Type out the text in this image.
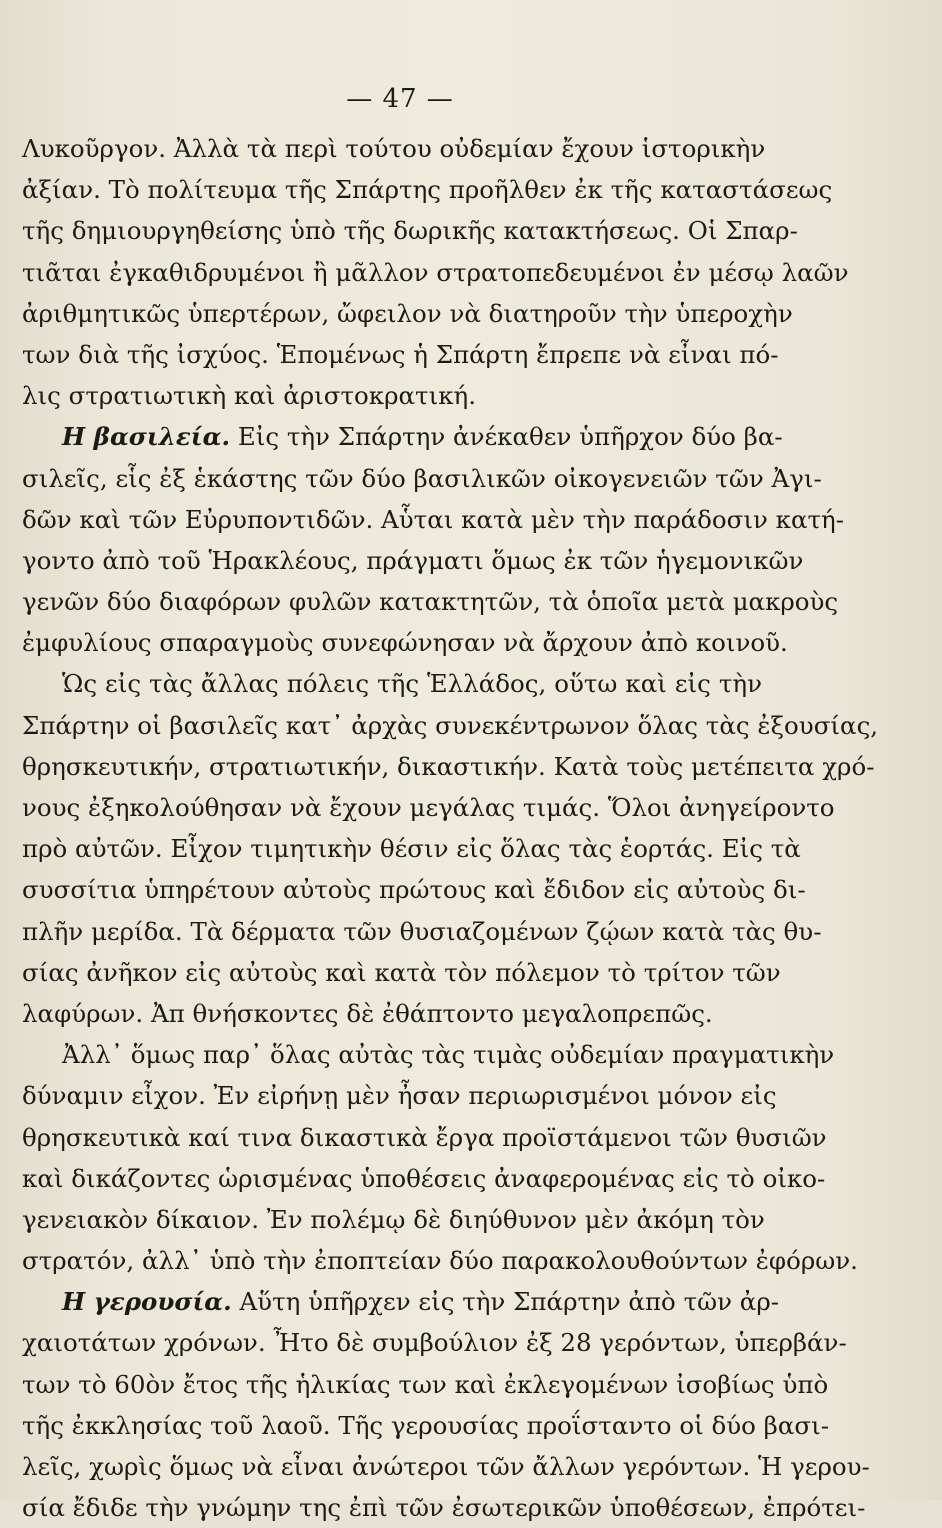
— 47 —
Λυκοῦργον. Ἀλλὰ τὰ περὶ τούτου οὐδεμίαν ἔχουν ἱστορικὴν
ἀξίαν. Τὸ πολίτευμα τῆς Σπάρτης προῆλθεν ἐκ τῆς καταστάσεως
τῆς δημιουργηθείσης ὑπὸ τῆς δωρικῆς κατακτήσεως. Οἱ Σπαρ-
τιᾶται ἐγκαθιδρυμένοι ἢ μᾶλλον στρατοπεδευμένοι ἐν μέσῳ λαῶν
ἀριθμητικῶς ὑπερτέρων, ὤφειλον νὰ διατηροῦν τὴν ὑπεροχὴν
των διὰ τῆς ἰσχύος. Ἑπομένως ἡ Σπάρτη ἔπρεπε νὰ εἶναι πό-
λις στρατιωτικὴ καὶ ἀριστοκρατική.
Η βασιλεία. Εἰς τὴν Σπάρτην ἀνέκαθεν ὑπῆρχον δύο βα-
σιλεῖς, εἷς ἐξ ἑκάστης τῶν δύο βασιλικῶν οἰκογενειῶν τῶν Ἀγι-
δῶν καὶ τῶν Εὐρυποντιδῶν. Αὗται κατὰ μὲν τὴν παράδοσιν κατή-
γοντο ἀπὸ τοῦ Ἡρακλέους, πράγματι ὅμως ἐκ τῶν ἡγεμονικῶν
γενῶν δύο διαφόρων φυλῶν κατακτητῶν, τὰ ὁποῖα μετὰ μακροὺς
ἐμφυλίους σπαραγμοὺς συνεφώνησαν νὰ ἄρχουν ἀπὸ κοινοῦ.
Ὡς εἰς τὰς ἄλλας πόλεις τῆς Ἑλλάδος, οὕτω καὶ εἰς τὴν
Σπάρτην οἱ βασιλεῖς κατ᾿ ἀρχὰς συνεκέντρωνον ὅλας τὰς ἐξουσίας,
θρησκευτικήν, στρατιωτικήν, δικαστικήν. Κατὰ τοὺς μετέπειτα χρό-
νους ἐξηκολούθησαν νὰ ἔχουν μεγάλας τιμάς. Ὅλοι ἀνηγείροντο
πρὸ αὐτῶν. Εἶχον τιμητικὴν θέσιν εἰς ὅλας τὰς ἑορτάς. Εἰς τὰ
συσσίτια ὑπηρέτουν αὐτοὺς πρώτους καὶ ἔδιδον εἰς αὐτοὺς δι-
πλῆν μερίδα. Τὰ δέρματα τῶν θυσιαζομένων ζῴων κατὰ τὰς θυ-
σίας ἀνῆκον εἰς αὐτοὺς καὶ κατὰ τὸν πόλεμον τὸ τρίτον τῶν
λαφύρων. Ἀπ θνήσκοντες δὲ ἐθάπτοντο μεγαλοπρεπῶς.
Ἀλλ᾿ ὅμως παρ᾿ ὅλας αὐτὰς τὰς τιμὰς οὐδεμίαν πραγματικὴν
δύναμιν εἶχον. Ἐν εἰρήνῃ μὲν ἦσαν περιωρισμένοι μόνον εἰς
θρησκευτικὰ καί τινα δικαστικὰ ἔργα προϊστάμενοι τῶν θυσιῶν
καὶ δικάζοντες ὡρισμένας ὑποθέσεις ἀναφερομένας εἰς τὸ οἰκο-
γενειακὸν δίκαιον. Ἐν πολέμῳ δὲ διηύθυνον μὲν ἀκόμη τὸν
στρατόν, ἀλλ᾿ ὑπὸ τὴν ἐποπτείαν δύο παρακολουθούντων ἐφόρων.
Η γερουσία. Αὕτη ὑπῆρχεν εἰς τὴν Σπάρτην ἀπὸ τῶν ἀρ-
χαιοτάτων χρόνων. Ἦτο δὲ συμβούλιον ἐξ 28 γερόντων, ὑπερβάν-
των τὸ 60ὸν ἔτος τῆς ἡλικίας των καὶ ἐκλεγομένων ἰσοβίως ὑπὸ
τῆς ἐκκλησίας τοῦ λαοῦ. Τῆς γερουσίας προΐσταντο οἱ δύο βασι-
λεῖς, χωρὶς ὅμως νὰ εἶναι ἀνώτεροι τῶν ἄλλων γερόντων. Ἡ γερου-
σία ἔδιδε τὴν γνώμην της ἐπὶ τῶν ἐσωτερικῶν ὑποθέσεων, ἐπρότει-
